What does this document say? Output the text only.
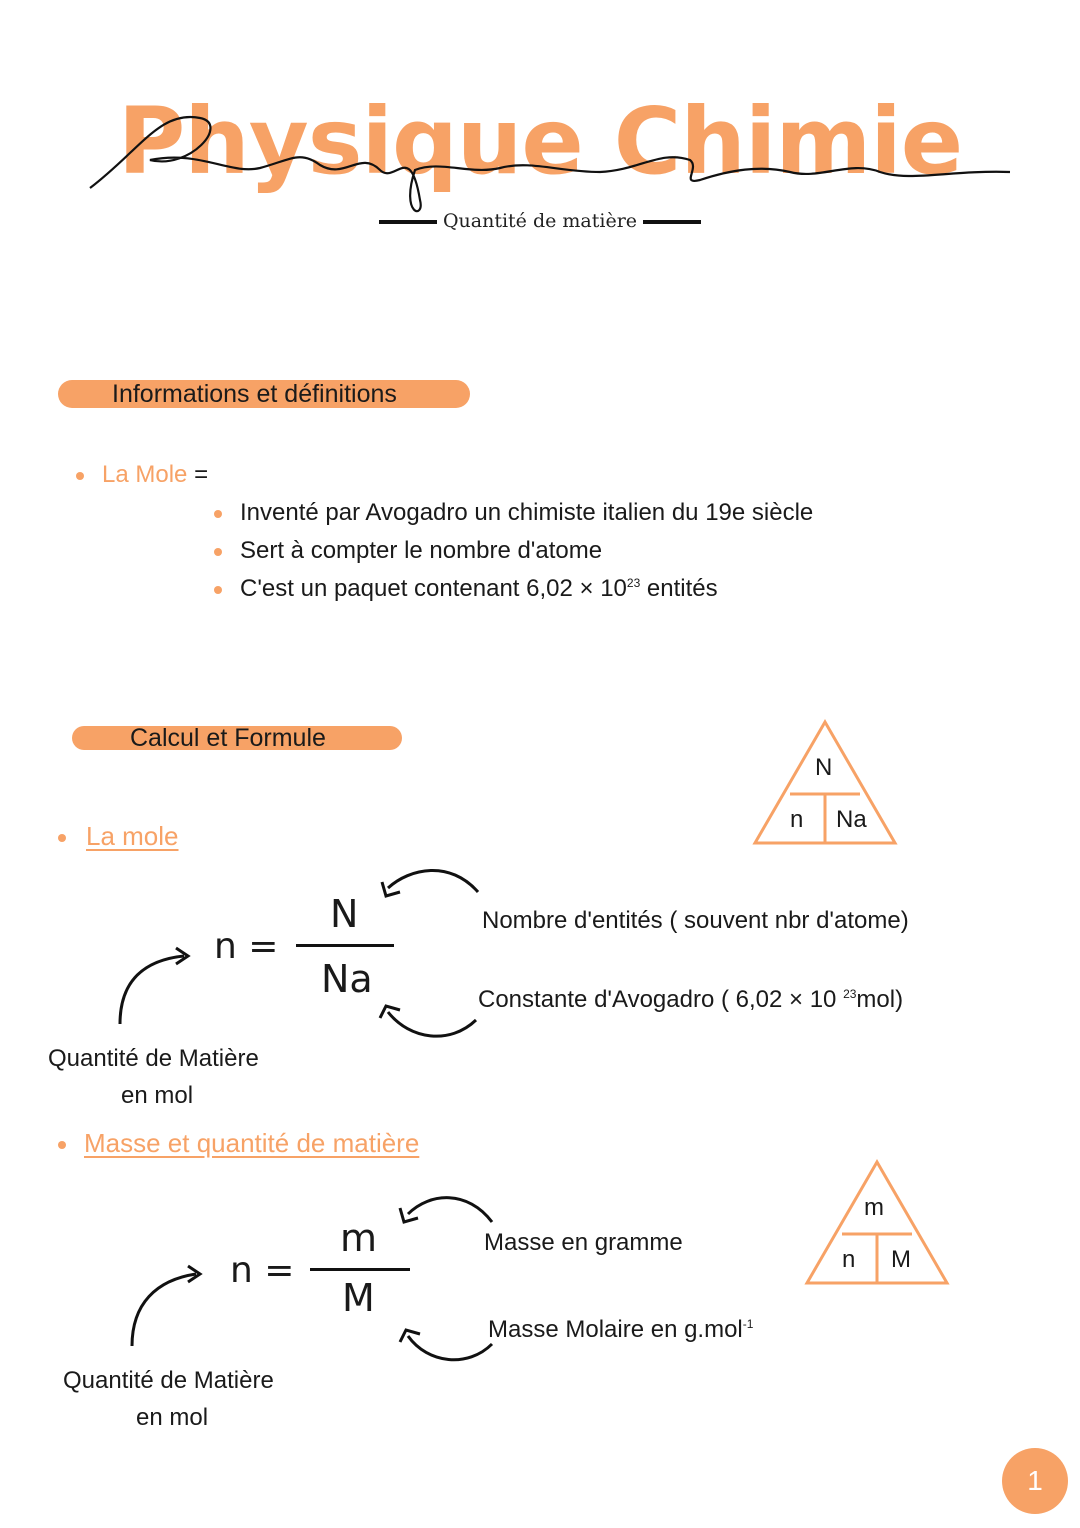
Physique Chimie
Quantité de matière
Informations et définitions
La Mole =
Inventé par Avogadro un chimiste italien du 19e siècle
Sert à compter le nombre d'atome
C'est un paquet contenant $6,02 \times 10^{23}$ entités
Calcul et Formule
N
n Na
La mole
n =
N
Na
Nombre d'entités ( souvent nbr d'atome)
Constante d'Avogadro ( 6,02 × 10 $^{23}$mol)
Quantité de Matière
en mol
Masse et quantité de matière
m
n M
n =
m
M
Masse en gramme
Masse Molaire en g.mol$^{-1}$
Quantité de Matière
en mol
1
